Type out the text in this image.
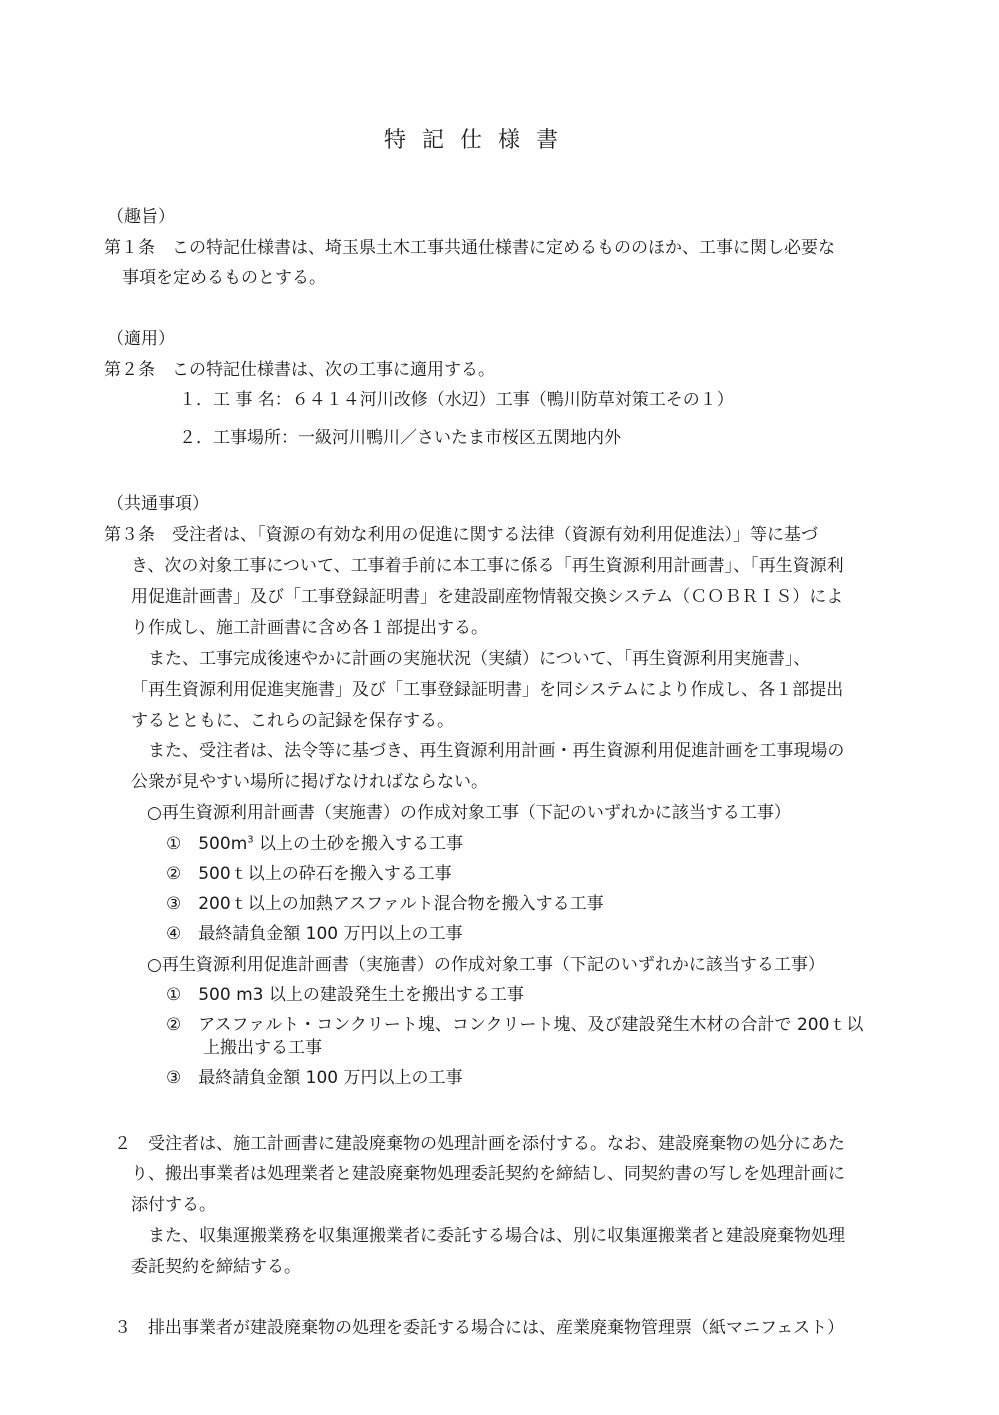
特記仕様書
（趣旨）
第１条　この特記仕様書は、埼玉県土木工事共通仕様書に定めるもののほか、工事に関し必要な
事項を定めるものとする。
（適用）
第２条　この特記仕様書は、次の工事に適用する。
１．工 事 名：６４１４河川改修（水辺）工事（鴨川防草対策工その１）
２．工事場所：一級河川鴨川／さいたま市桜区五関地内外
（共通事項）
第３条　受注者は、「資源の有効な利用の促進に関する法律（資源有効利用促進法）」等に基づ
き、次の対象工事について、工事着手前に本工事に係る「再生資源利用計画書」、「再生資源利
用促進計画書」及び「工事登録証明書」を建設副産物情報交換システム（ＣＯＢＲＩＳ）によ
り作成し、施工計画書に含め各１部提出する。
また、工事完成後速やかに計画の実施状況（実績）について、「再生資源利用実施書」、
「再生資源利用促進実施書」及び「工事登録証明書」を同システムにより作成し、各１部提出
するとともに、これらの記録を保存する。
また、受注者は、法令等に基づき、再生資源利用計画・再生資源利用促進計画を工事現場の
公衆が見やすい場所に掲げなければならない。
○再生資源利用計画書（実施書）の作成対象工事（下記のいずれかに該当する工事）
①　$500m^3$ 以上の土砂を搬入する工事
②　500ｔ以上の砕石を搬入する工事
③　200ｔ以上の加熱アスファルト混合物を搬入する工事
④　最終請負金額 100 万円以上の工事
○再生資源利用促進計画書（実施書）の作成対象工事（下記のいずれかに該当する工事）
①　500 m3 以上の建設発生土を搬出する工事
②　アスファルト・コンクリート塊、コンクリート塊、及び建設発生木材の合計で 200ｔ以
上搬出する工事
③　最終請負金額 100 万円以上の工事
２　受注者は、施工計画書に建設廃棄物の処理計画を添付する。なお、建設廃棄物の処分にあた
り、搬出事業者は処理業者と建設廃棄物処理委託契約を締結し、同契約書の写しを処理計画に
添付する。
また、収集運搬業務を収集運搬業者に委託する場合は、別に収集運搬業者と建設廃棄物処理
委託契約を締結する。
３　排出事業者が建設廃棄物の処理を委託する場合には、産業廃棄物管理票（紙マニフェスト）
